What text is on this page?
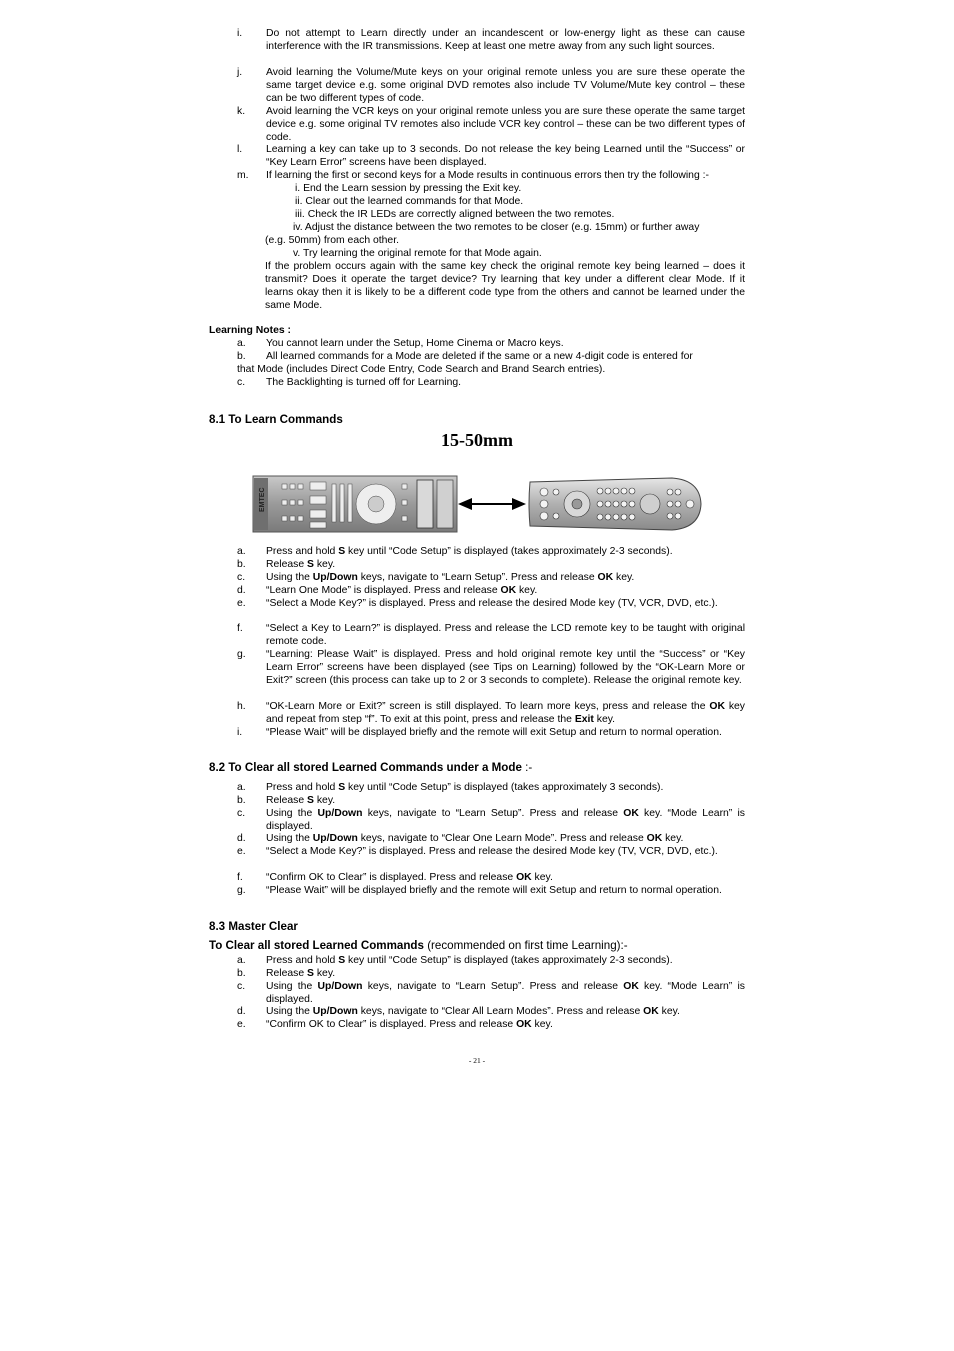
i.	Do not attempt to Learn directly under an incandescent or low-energy light as these can cause interference with the IR transmissions. Keep at least one metre away from any such light sources.
j.	Avoid learning the Volume/Mute keys on your original remote unless you are sure these operate the same target device e.g. some original DVD remotes also include TV Volume/Mute key control – these can be two different types of code.
k.	Avoid learning the VCR keys on your original remote unless you are sure these operate the same target device e.g. some original TV remotes also include VCR key control – these can be two different types of code.
l.	Learning a key can take up to 3 seconds. Do not release the key being Learned until the “Success” or “Key Learn Error” screens have been displayed.
m.	If learning the first or second keys for a Mode results in continuous errors then try the following :-
i. End the Learn session by pressing the Exit key.
ii. Clear out the learned commands for that Mode.
iii. Check the IR LEDs are correctly aligned between the two remotes.
iv. Adjust the distance between the two remotes to be closer (e.g. 15mm) or further away
(e.g. 50mm) from each other.
v. Try learning the original remote for that Mode again.
If the problem occurs again with the same key check the original remote key being learned – does it transmit? Does it operate the target device? Try learning that key under a different clear Mode. If it learns okay then it is likely to be a different code type from the others and cannot be learned under the same Mode.
Learning Notes :
a.	You cannot learn under the Setup, Home Cinema or Macro keys.
b.	All learned commands for a Mode are deleted if the same or a new 4-digit code is entered for
that Mode (includes Direct Code Entry, Code Search and Brand Search entries).
c.	The Backlighting is turned off for Learning.
8.1 To Learn Commands
15-50mm
EMTEC
a.	Press and hold S key until “Code Setup” is displayed (takes approximately 2-3 seconds).
b.	Release S key.
c.	Using the Up/Down keys, navigate to “Learn Setup”. Press and release OK key.
d.	“Learn One Mode” is displayed. Press and release OK key.
e.	“Select a Mode Key?” is displayed. Press and release the desired Mode key (TV, VCR, DVD, etc.).
f.	“Select a Key to Learn?” is displayed. Press and release the LCD remote key to be taught with original remote code.
g.	“Learning: Please Wait” is displayed. Press and hold original remote key until the “Success” or “Key Learn Error” screens have been displayed (see Tips on Learning) followed by the “OK-Learn More or Exit?” screen (this process can take up to 2 or 3 seconds to complete). Release the original remote key.
h.	“OK-Learn More or Exit?” screen is still displayed. To learn more keys, press and release the OK key and repeat from step “f”. To exit at this point, press and release the Exit key.
i.	“Please Wait” will be displayed briefly and the remote will exit Setup and return to normal operation.
8.2 To Clear all stored Learned Commands under a Mode :-
a.	Press and hold S key until “Code Setup” is displayed (takes approximately 3 seconds).
b.	Release S key.
c.	Using the Up/Down keys, navigate to “Learn Setup”. Press and release OK key. “Mode Learn” is displayed.
d.	Using the Up/Down keys, navigate to “Clear One Learn Mode”. Press and release OK key.
e.	“Select a Mode Key?” is displayed. Press and release the desired Mode key (TV, VCR, DVD, etc.).
f.	“Confirm OK to Clear” is displayed. Press and release OK key.
g.	“Please Wait” will be displayed briefly and the remote will exit Setup and return to normal operation.
8.3 Master Clear
To Clear all stored Learned Commands (recommended on first time Learning):-
a.	Press and hold S key until “Code Setup” is displayed (takes approximately 2-3 seconds).
b.	Release S key.
c.	Using the Up/Down keys, navigate to “Learn Setup”. Press and release OK key. “Mode Learn” is displayed.
d.	Using the Up/Down keys, navigate to “Clear All Learn Modes”. Press and release OK key.
e.	“Confirm OK to Clear” is displayed. Press and release OK key.
- 21 -
